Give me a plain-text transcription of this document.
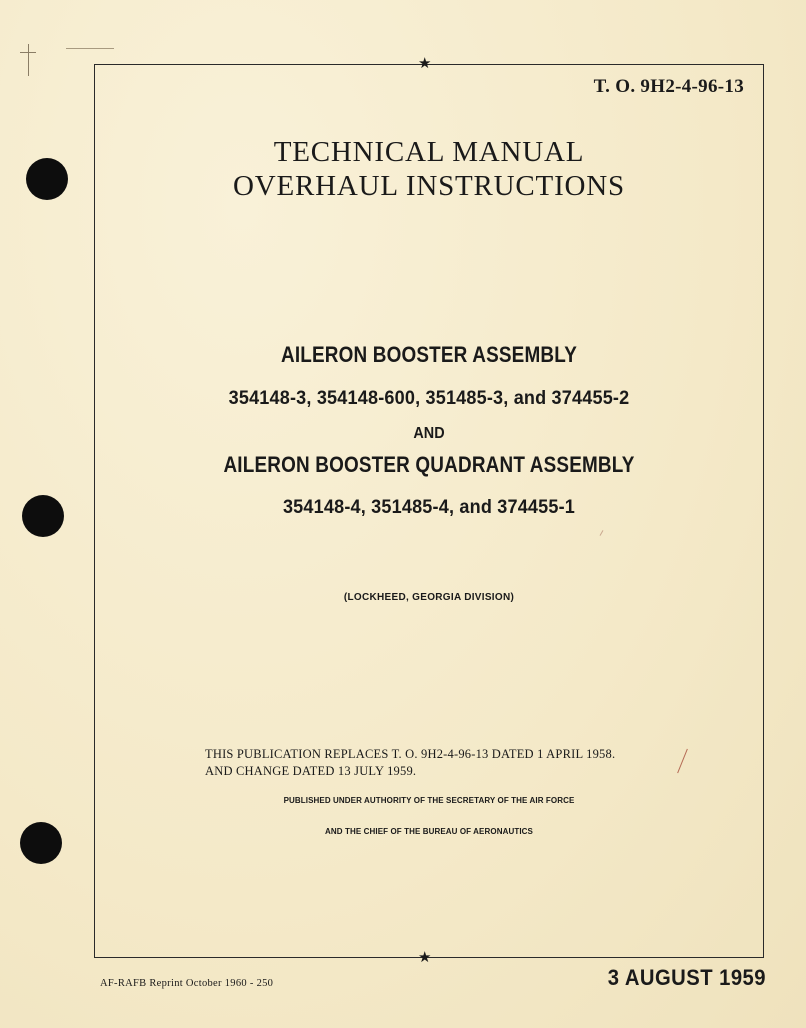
★
★
T. O. 9H2-4-96-13
TECHNICAL MANUAL
OVERHAUL INSTRUCTIONS
AILERON BOOSTER ASSEMBLY
354148-3, 354148-600, 351485-3, and 374455-2
AND
AILERON BOOSTER QUADRANT ASSEMBLY
354148-4, 351485-4, and 374455-1
(LOCKHEED, GEORGIA DIVISION)
THIS PUBLICATION REPLACES T. O. 9H2-4-96-13 DATED 1 APRIL 1958.
AND CHANGE DATED 13 JULY 1959.
PUBLISHED UNDER AUTHORITY OF THE SECRETARY OF THE AIR FORCE
AND THE CHIEF OF THE BUREAU OF AERONAUTICS
AF-RAFB Reprint October 1960 - 250	3 AUGUST 1959
